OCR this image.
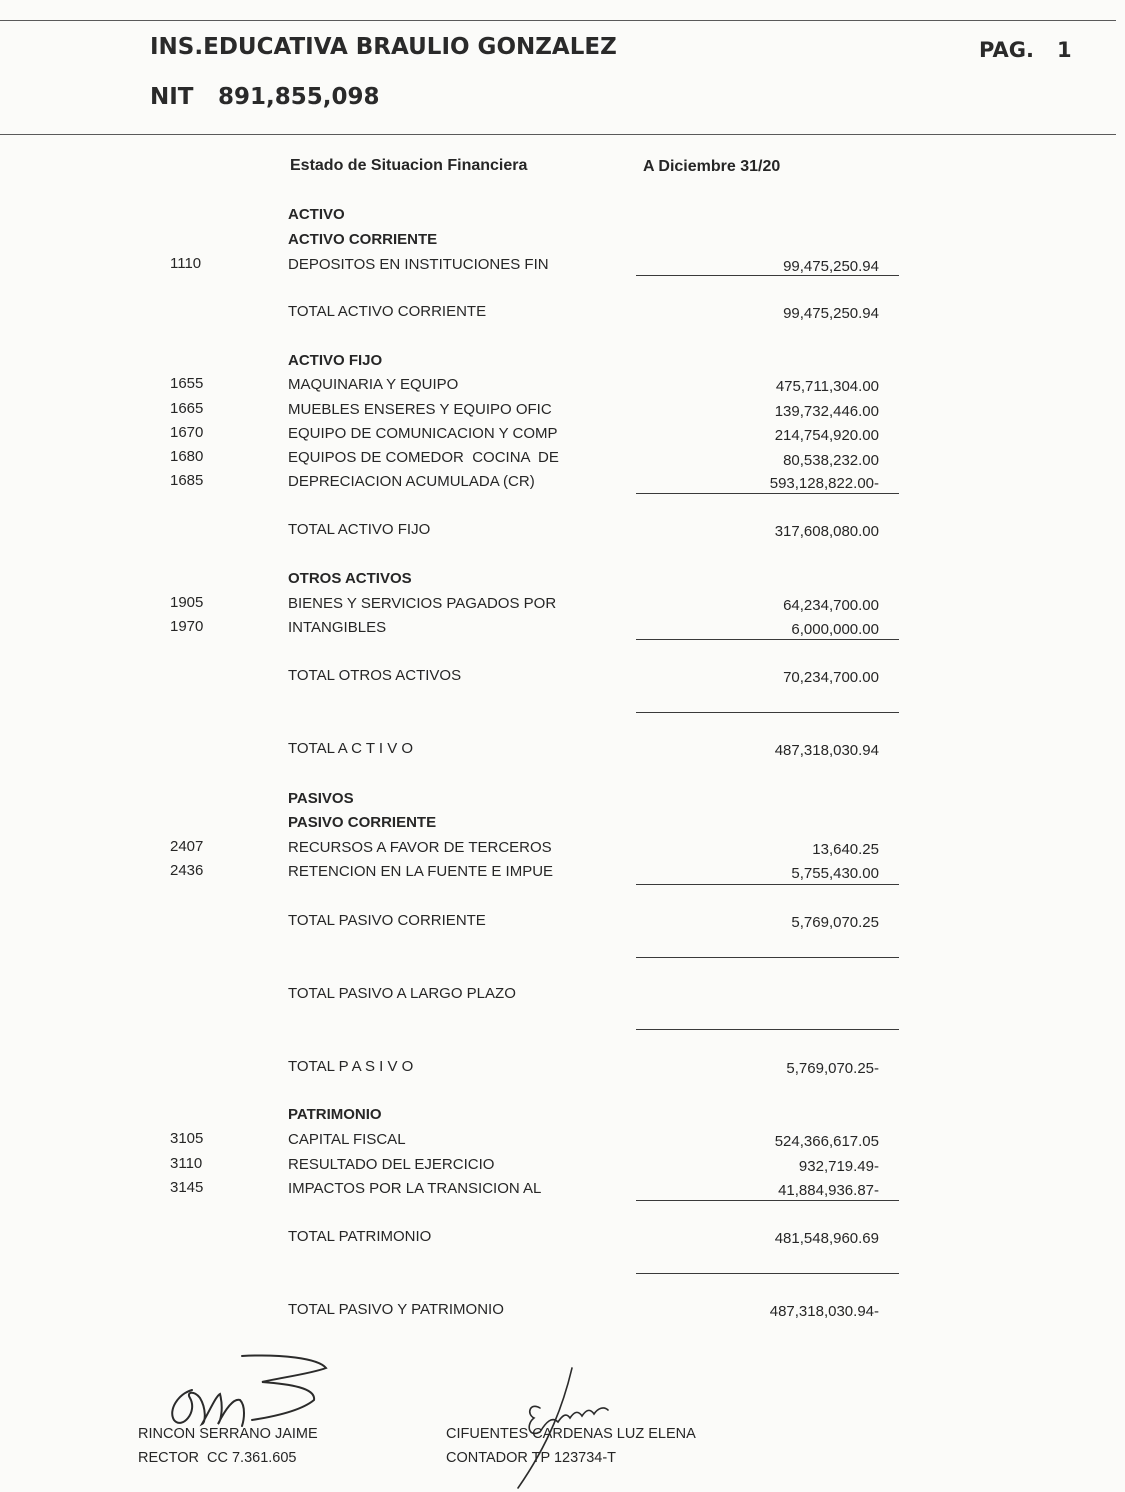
INS.EDUCATIVA BRAULIO GONZALEZ	PAG. 1
NIT 891,855,098
Estado de Situacion Financiera	A Diciembre 31/20
ACTIVO
ACTIVO CORRIENTE
1110	DEPOSITOS EN INSTITUCIONES FIN	99,475,250.94
TOTAL ACTIVO CORRIENTE	99,475,250.94
ACTIVO FIJO
1655	MAQUINARIA Y EQUIPO	475,711,304.00
1665	MUEBLES ENSERES Y EQUIPO OFIC	139,732,446.00
1670	EQUIPO DE COMUNICACION Y COMP	214,754,920.00
1680	EQUIPOS DE COMEDOR  COCINA  DE	80,538,232.00
1685	DEPRECIACION ACUMULADA (CR)	593,128,822.00-
TOTAL ACTIVO FIJO	317,608,080.00
OTROS ACTIVOS
1905	BIENES Y SERVICIOS PAGADOS POR	64,234,700.00
1970	INTANGIBLES	6,000,000.00
TOTAL OTROS ACTIVOS	70,234,700.00
TOTAL A C T I V O	487,318,030.94
PASIVOS
PASIVO CORRIENTE
2407	RECURSOS A FAVOR DE TERCEROS	13,640.25
2436	RETENCION EN LA FUENTE E IMPUE	5,755,430.00
TOTAL PASIVO CORRIENTE	5,769,070.25
TOTAL PASIVO A LARGO PLAZO
TOTAL P A S I V O	5,769,070.25-
PATRIMONIO
3105	CAPITAL FISCAL	524,366,617.05
3110	RESULTADO DEL EJERCICIO	932,719.49-
3145	IMPACTOS POR LA TRANSICION AL	41,884,936.87-
TOTAL PATRIMONIO	481,548,960.69
TOTAL PASIVO Y PATRIMONIO	487,318,030.94-
RINCON SERRANO JAIME
RECTOR  CC 7.361.605
CIFUENTES CARDENAS LUZ ELENA
CONTADOR TP 123734-T
